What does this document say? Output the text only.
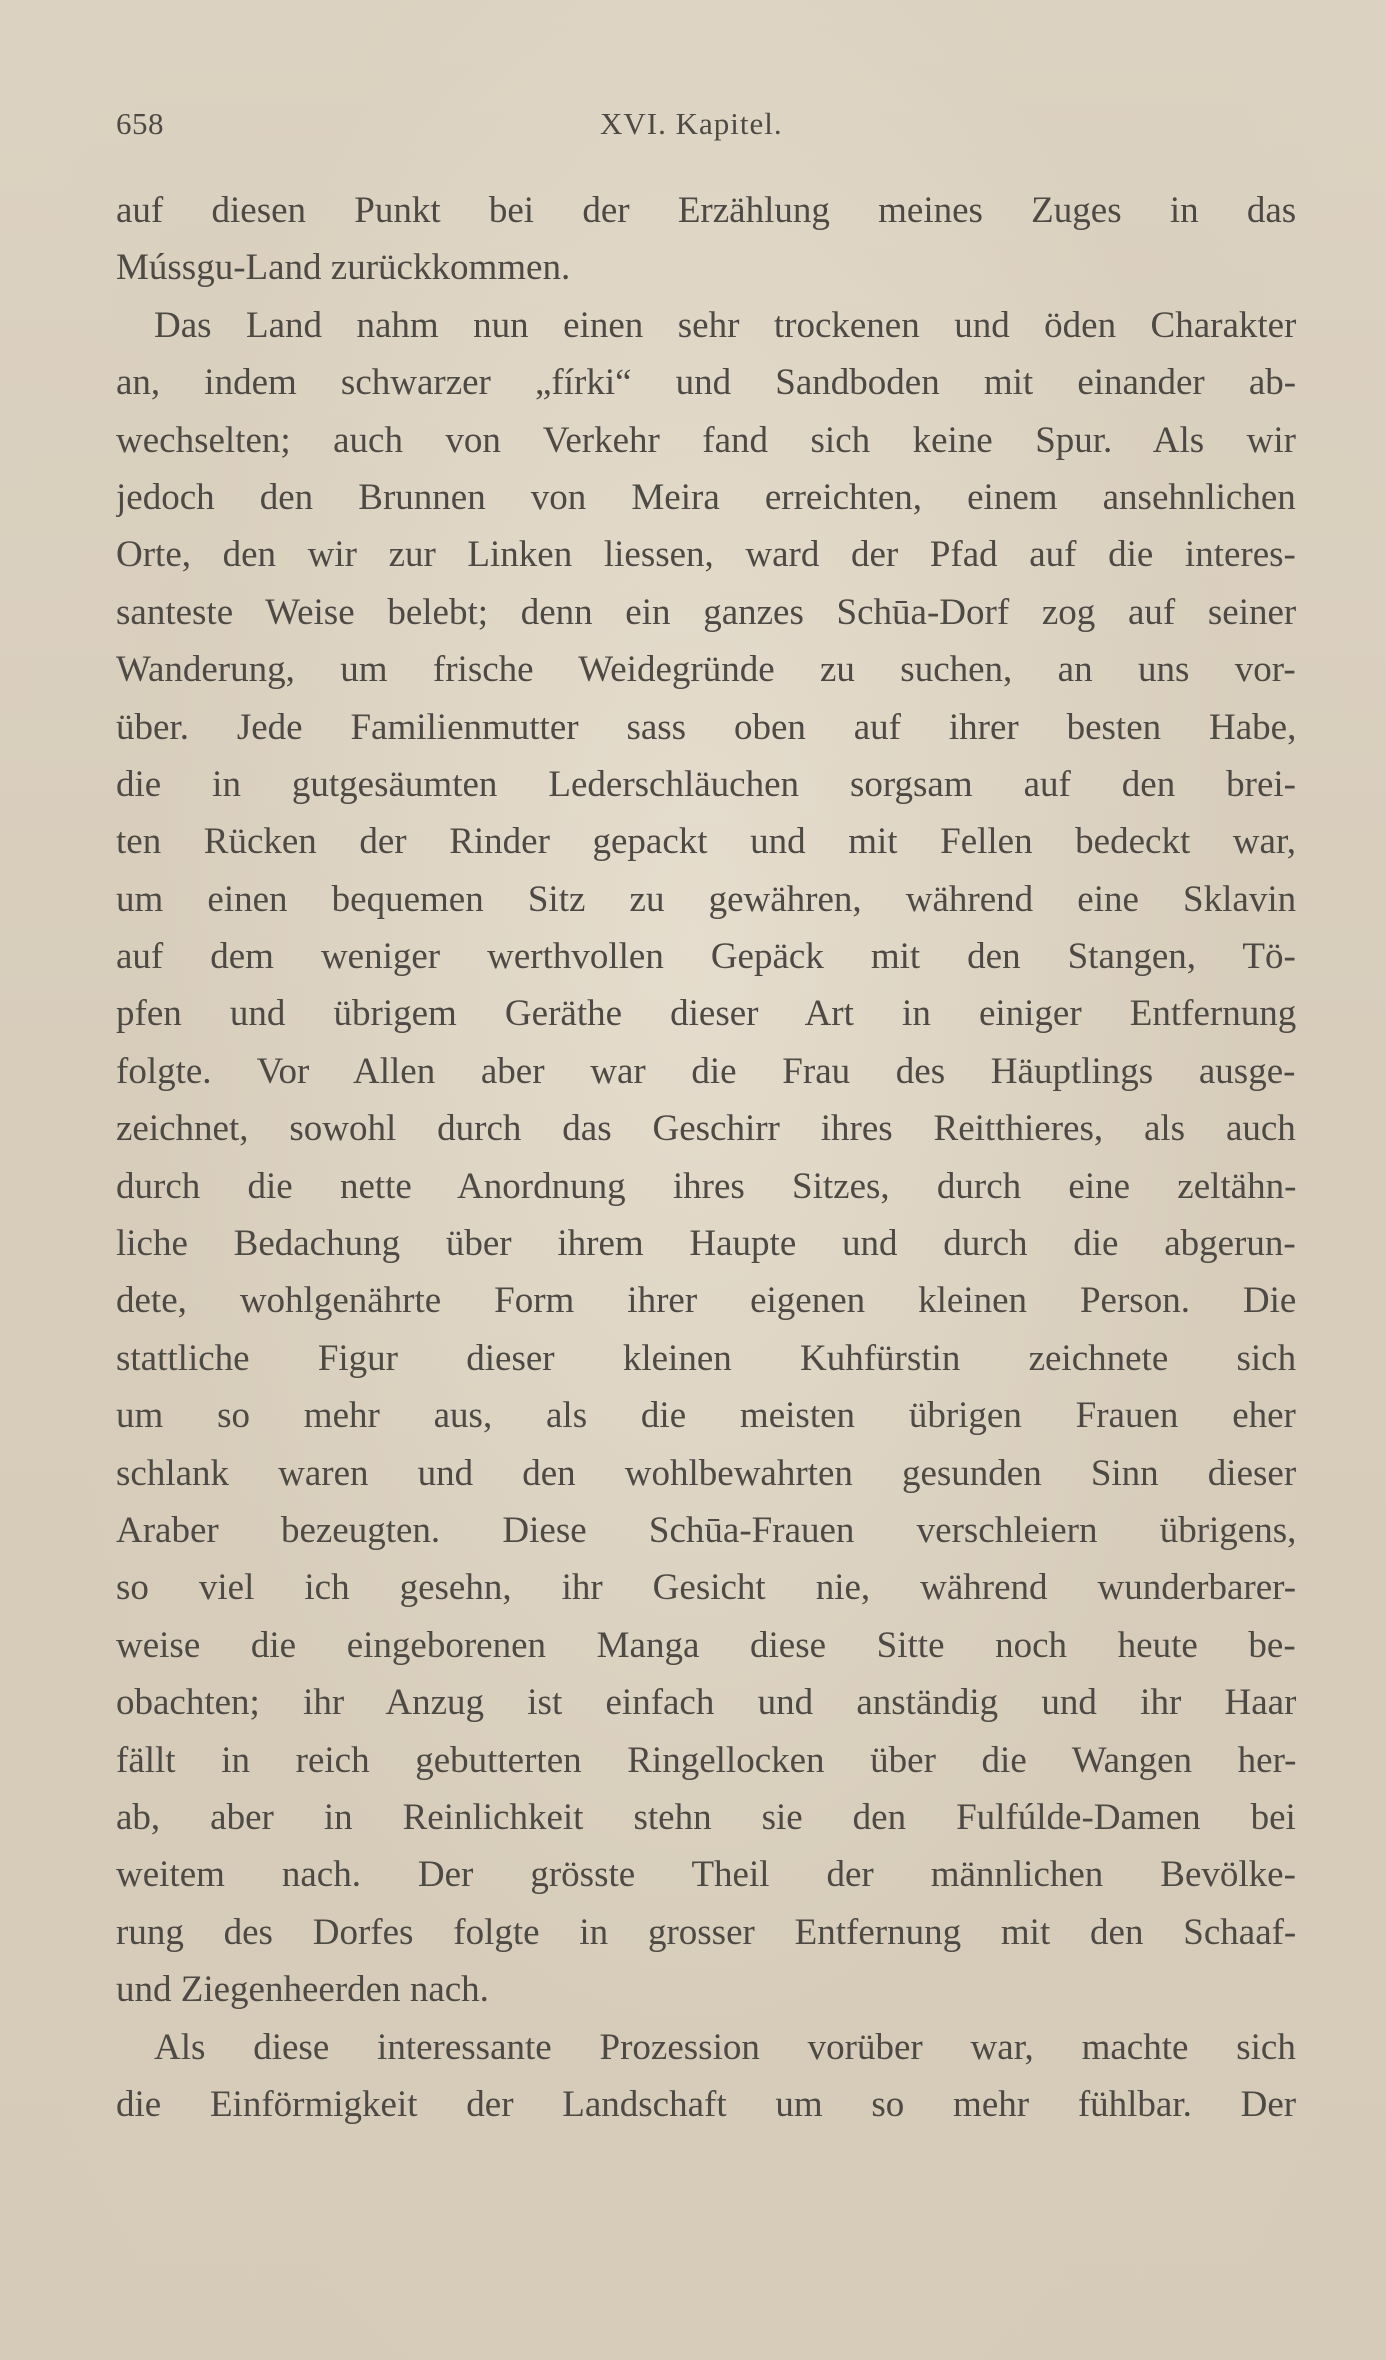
658	XVI. Kapitel.
auf diesen Punkt bei der Erzählung meines Zuges in das
Mússgu-Land zurückkommen.
Das Land nahm nun einen sehr trockenen und öden Charakter
an, indem schwarzer „fírki“ und Sandboden mit einander ab-
wechselten; auch von Verkehr fand sich keine Spur. Als wir
jedoch den Brunnen von Meira erreichten, einem ansehnlichen
Orte, den wir zur Linken liessen, ward der Pfad auf die interes-
santeste Weise belebt; denn ein ganzes Schūa-Dorf zog auf seiner
Wanderung, um frische Weidegründe zu suchen, an uns vor-
über. Jede Familienmutter sass oben auf ihrer besten Habe,
die in gutgesäumten Lederschläuchen sorgsam auf den brei-
ten Rücken der Rinder gepackt und mit Fellen bedeckt war,
um einen bequemen Sitz zu gewähren, während eine Sklavin
auf dem weniger werthvollen Gepäck mit den Stangen, Tö-
pfen und übrigem Geräthe dieser Art in einiger Entfernung
folgte. Vor Allen aber war die Frau des Häuptlings ausge-
zeichnet, sowohl durch das Geschirr ihres Reitthieres, als auch
durch die nette Anordnung ihres Sitzes, durch eine zeltähn-
liche Bedachung über ihrem Haupte und durch die abgerun-
dete, wohlgenährte Form ihrer eigenen kleinen Person. Die
stattliche Figur dieser kleinen Kuhfürstin zeichnete sich
um so mehr aus, als die meisten übrigen Frauen eher
schlank waren und den wohlbewahrten gesunden Sinn dieser
Araber bezeugten. Diese Schūa-Frauen verschleiern übrigens,
so viel ich gesehn, ihr Gesicht nie, während wunderbarer-
weise die eingeborenen Manga diese Sitte noch heute be-
obachten; ihr Anzug ist einfach und anständig und ihr Haar
fällt in reich gebutterten Ringellocken über die Wangen her-
ab, aber in Reinlichkeit stehn sie den Fulfúlde-Damen bei
weitem nach. Der grösste Theil der männlichen Bevölke-
rung des Dorfes folgte in grosser Entfernung mit den Schaaf-
und Ziegenheerden nach.
Als diese interessante Prozession vorüber war, machte sich
die Einförmigkeit der Landschaft um so mehr fühlbar. Der
